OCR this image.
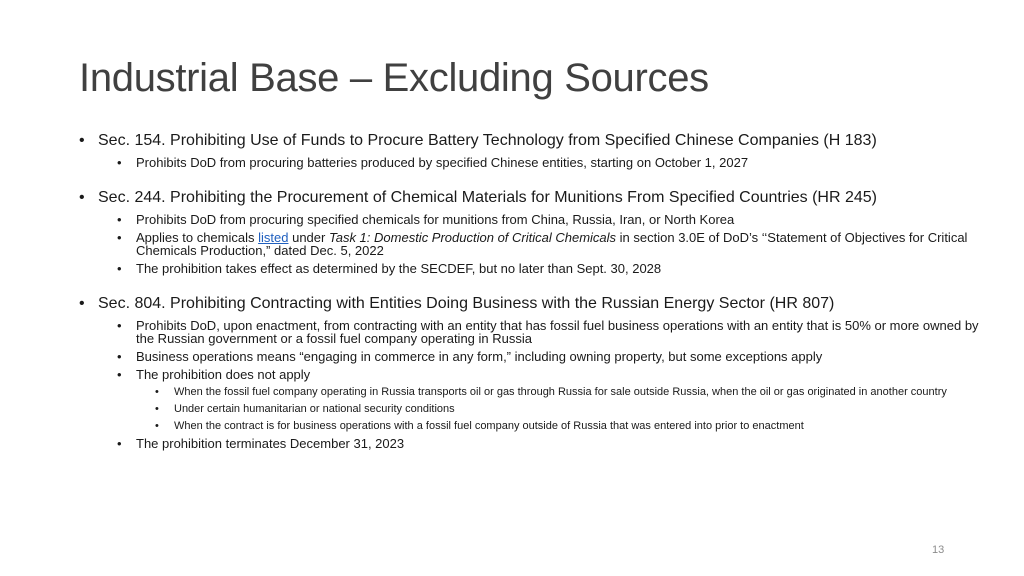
Industrial Base – Excluding Sources
• Sec. 154. Prohibiting Use of Funds to Procure Battery Technology from Specified Chinese Companies (H 183)
• Prohibits DoD from procuring batteries produced by specified Chinese entities, starting on October 1, 2027
• Sec. 244. Prohibiting the Procurement of Chemical Materials for Munitions From Specified Countries (HR 245)
• Prohibits DoD from procuring specified chemicals for munitions from China, Russia, Iran, or North Korea
• Applies to chemicals listed under Task 1: Domestic Production of Critical Chemicals in section 3.0E of DoD’s ‘‘Statement of Objectives for Critical Chemicals Production,” dated Dec. 5, 2022
• The prohibition takes effect as determined by the SECDEF, but no later than Sept. 30, 2028
• Sec. 804. Prohibiting Contracting with Entities Doing Business with the Russian Energy Sector (HR 807)
• Prohibits DoD, upon enactment, from contracting with an entity that has fossil fuel business operations with an entity that is 50% or more owned by the Russian government or a fossil fuel company operating in Russia
• Business operations means “engaging in commerce in any form,” including owning property, but some exceptions apply
• The prohibition does not apply
• When the fossil fuel company operating in Russia transports oil or gas through Russia for sale outside Russia, when the oil or gas originated in another country
• Under certain humanitarian or national security conditions
• When the contract is for business operations with a fossil fuel company outside of Russia that was entered into prior to enactment
• The prohibition terminates December 31, 2023
13
